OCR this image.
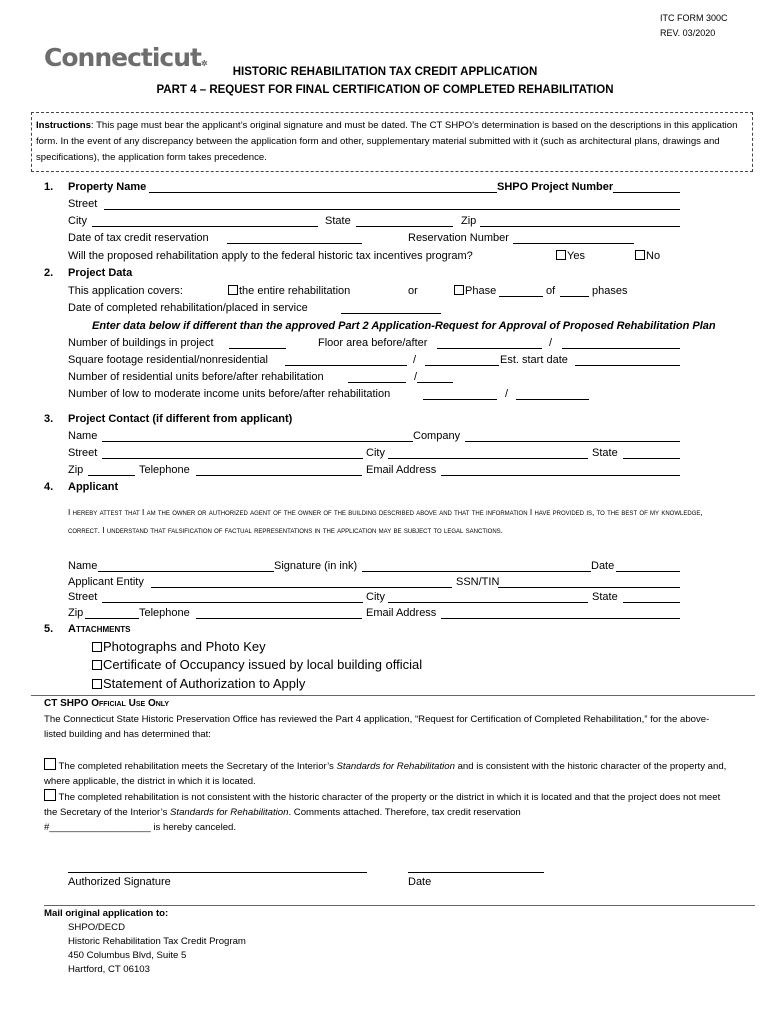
ITC FORM 300C
REV. 03/2020
Connecticut✲
HISTORIC REHABILITATION TAX CREDIT APPLICATION
PART 4 – REQUEST FOR FINAL CERTIFICATION OF COMPLETED REHABILITATION
Instructions: This page must bear the applicant’s original signature and must be dated. The CT SHPO’s determination is based on the descriptions in this application form. In the event of any discrepancy between the application form and other, supplementary material submitted with it (such as architectural plans, drawings and specifications), the application form takes precedence.
1. Property Name	SHPO Project Number
Street
City	State	Zip
Date of tax credit reservation	Reservation Number
Will the proposed rehabilitation apply to the federal historic tax incentives program?	Yes	No
2. Project Data
This application covers:	the entire rehabilitation	or	Phase	of	phases
Date of completed rehabilitation/placed in service
Enter data below if different than the approved Part 2 Application-Request for Approval of Proposed Rehabilitation Plan
Number of buildings in project	Floor area before/after	/
Square footage residential/nonresidential	/	Est. start date
Number of residential units before/after rehabilitation	/
Number of low to moderate income units before/after rehabilitation	/
3. Project Contact (if different from applicant)
Name	Company
Street	City	State
Zip	Telephone	Email Address
4. Applicant
I hereby attest that I am the owner or authorized agent of the owner of the building described above and that the information I have provided is, to the best of my knowledge, correct. I understand that falsification of factual representations in the application may be subject to legal sanctions.
Name	Signature (in ink)	Date
Applicant Entity	SSN/TIN
Street	City	State
Zip	Telephone	Email Address
5. Attachments
Photographs and Photo Key
Certificate of Occupancy issued by local building official
Statement of Authorization to Apply
CT SHPO Official Use Only
The Connecticut State Historic Preservation Office has reviewed the Part 4 application, “Request for Certification of Completed Rehabilitation,” for the above-listed building and has determined that:
The completed rehabilitation meets the Secretary of the Interior’s Standards for Rehabilitation and is consistent with the historic character of the property and, where applicable, the district in which it is located.
The completed rehabilitation is not consistent with the historic character of the property or the district in which it is located and that the project does not meet the Secretary of the Interior’s Standards for Rehabilitation. Comments attached. Therefore, tax credit reservation
#___________________ is hereby canceled.
Authorized Signature	Date
Mail original application to:
SHPO/DECD
Historic Rehabilitation Tax Credit Program
450 Columbus Blvd, Suite 5
Hartford, CT 06103
